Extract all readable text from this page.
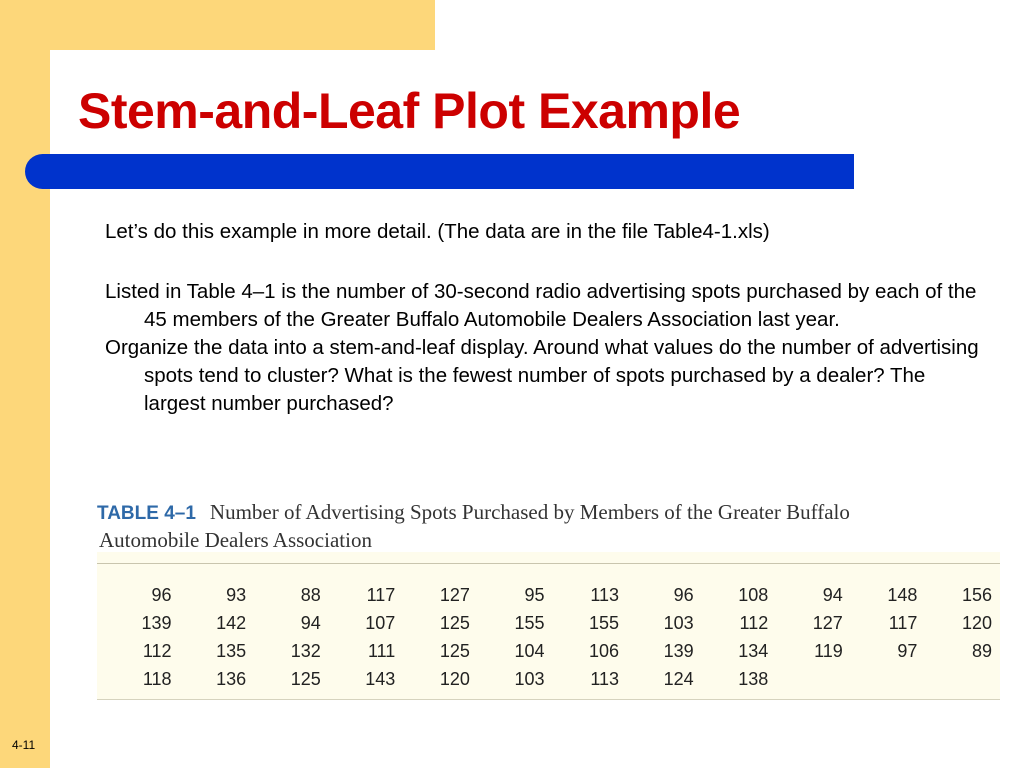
Stem-and-Leaf Plot Example

Let’s do this example in more detail. (The data are in the file Table4-1.xls)

Listed in Table 4–1 is the number of 30-second radio advertising spots purchased by each of the 45 members of the Greater Buffalo Automobile Dealers Association last year.

Organize the data into a stem-and-leaf display. Around what values do the number of advertising spots tend to cluster? What is the fewest number of spots purchased by a dealer? The largest number purchased?

TABLE 4–1 Number of Advertising Spots Purchased by Members of the Greater Buffalo
Automobile Dealers Association
96	93	88	117	127	95	113	96	108	94	148	156
139	142	94	107	125	155	155	103	112	127	117	120
112	135	132	111	125	104	106	139	134	119	97	89
118	136	125	143	120	103	113	124	138
4-11
